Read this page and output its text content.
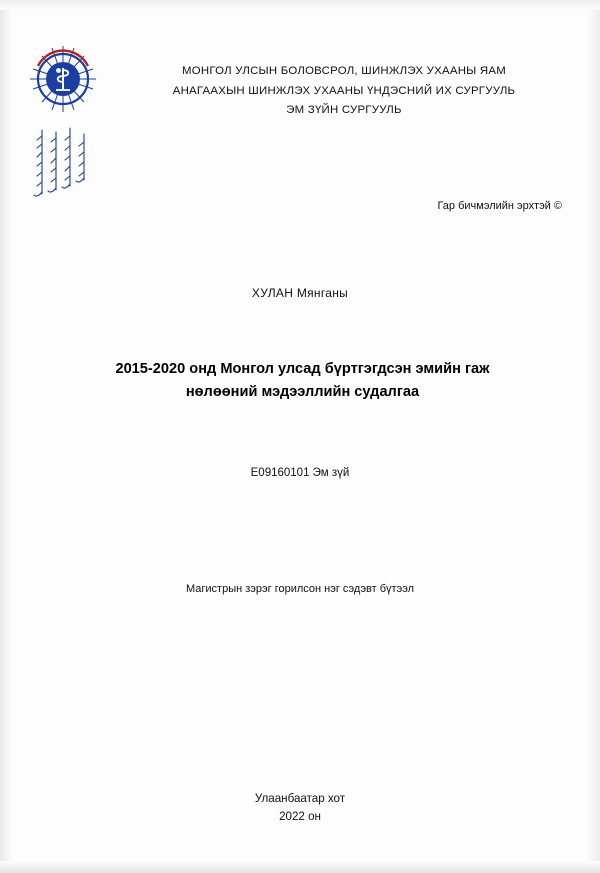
МОНГОЛ УЛСЫН БОЛОВСРОЛ, ШИНЖЛЭХ УХААНЫ ЯАМ
АНАГААХЫН ШИНЖЛЭХ УХААНЫ ҮНДЭСНИЙ ИХ СУРГУУЛЬ
ЭМ ЗҮЙН СУРГУУЛЬ
Гар бичмэлийн эрхтэй ©
ХУЛАН Мянганы
2015-2020 онд Монгол улсад бүртгэгдсэн эмийн гаж нөлөөний мэдээллийн судалгаа
E09160101 Эм зүй
Магистрын зэрэг горилсон нэг сэдэвт бүтээл
Улаанбаатар хот
2022 он
